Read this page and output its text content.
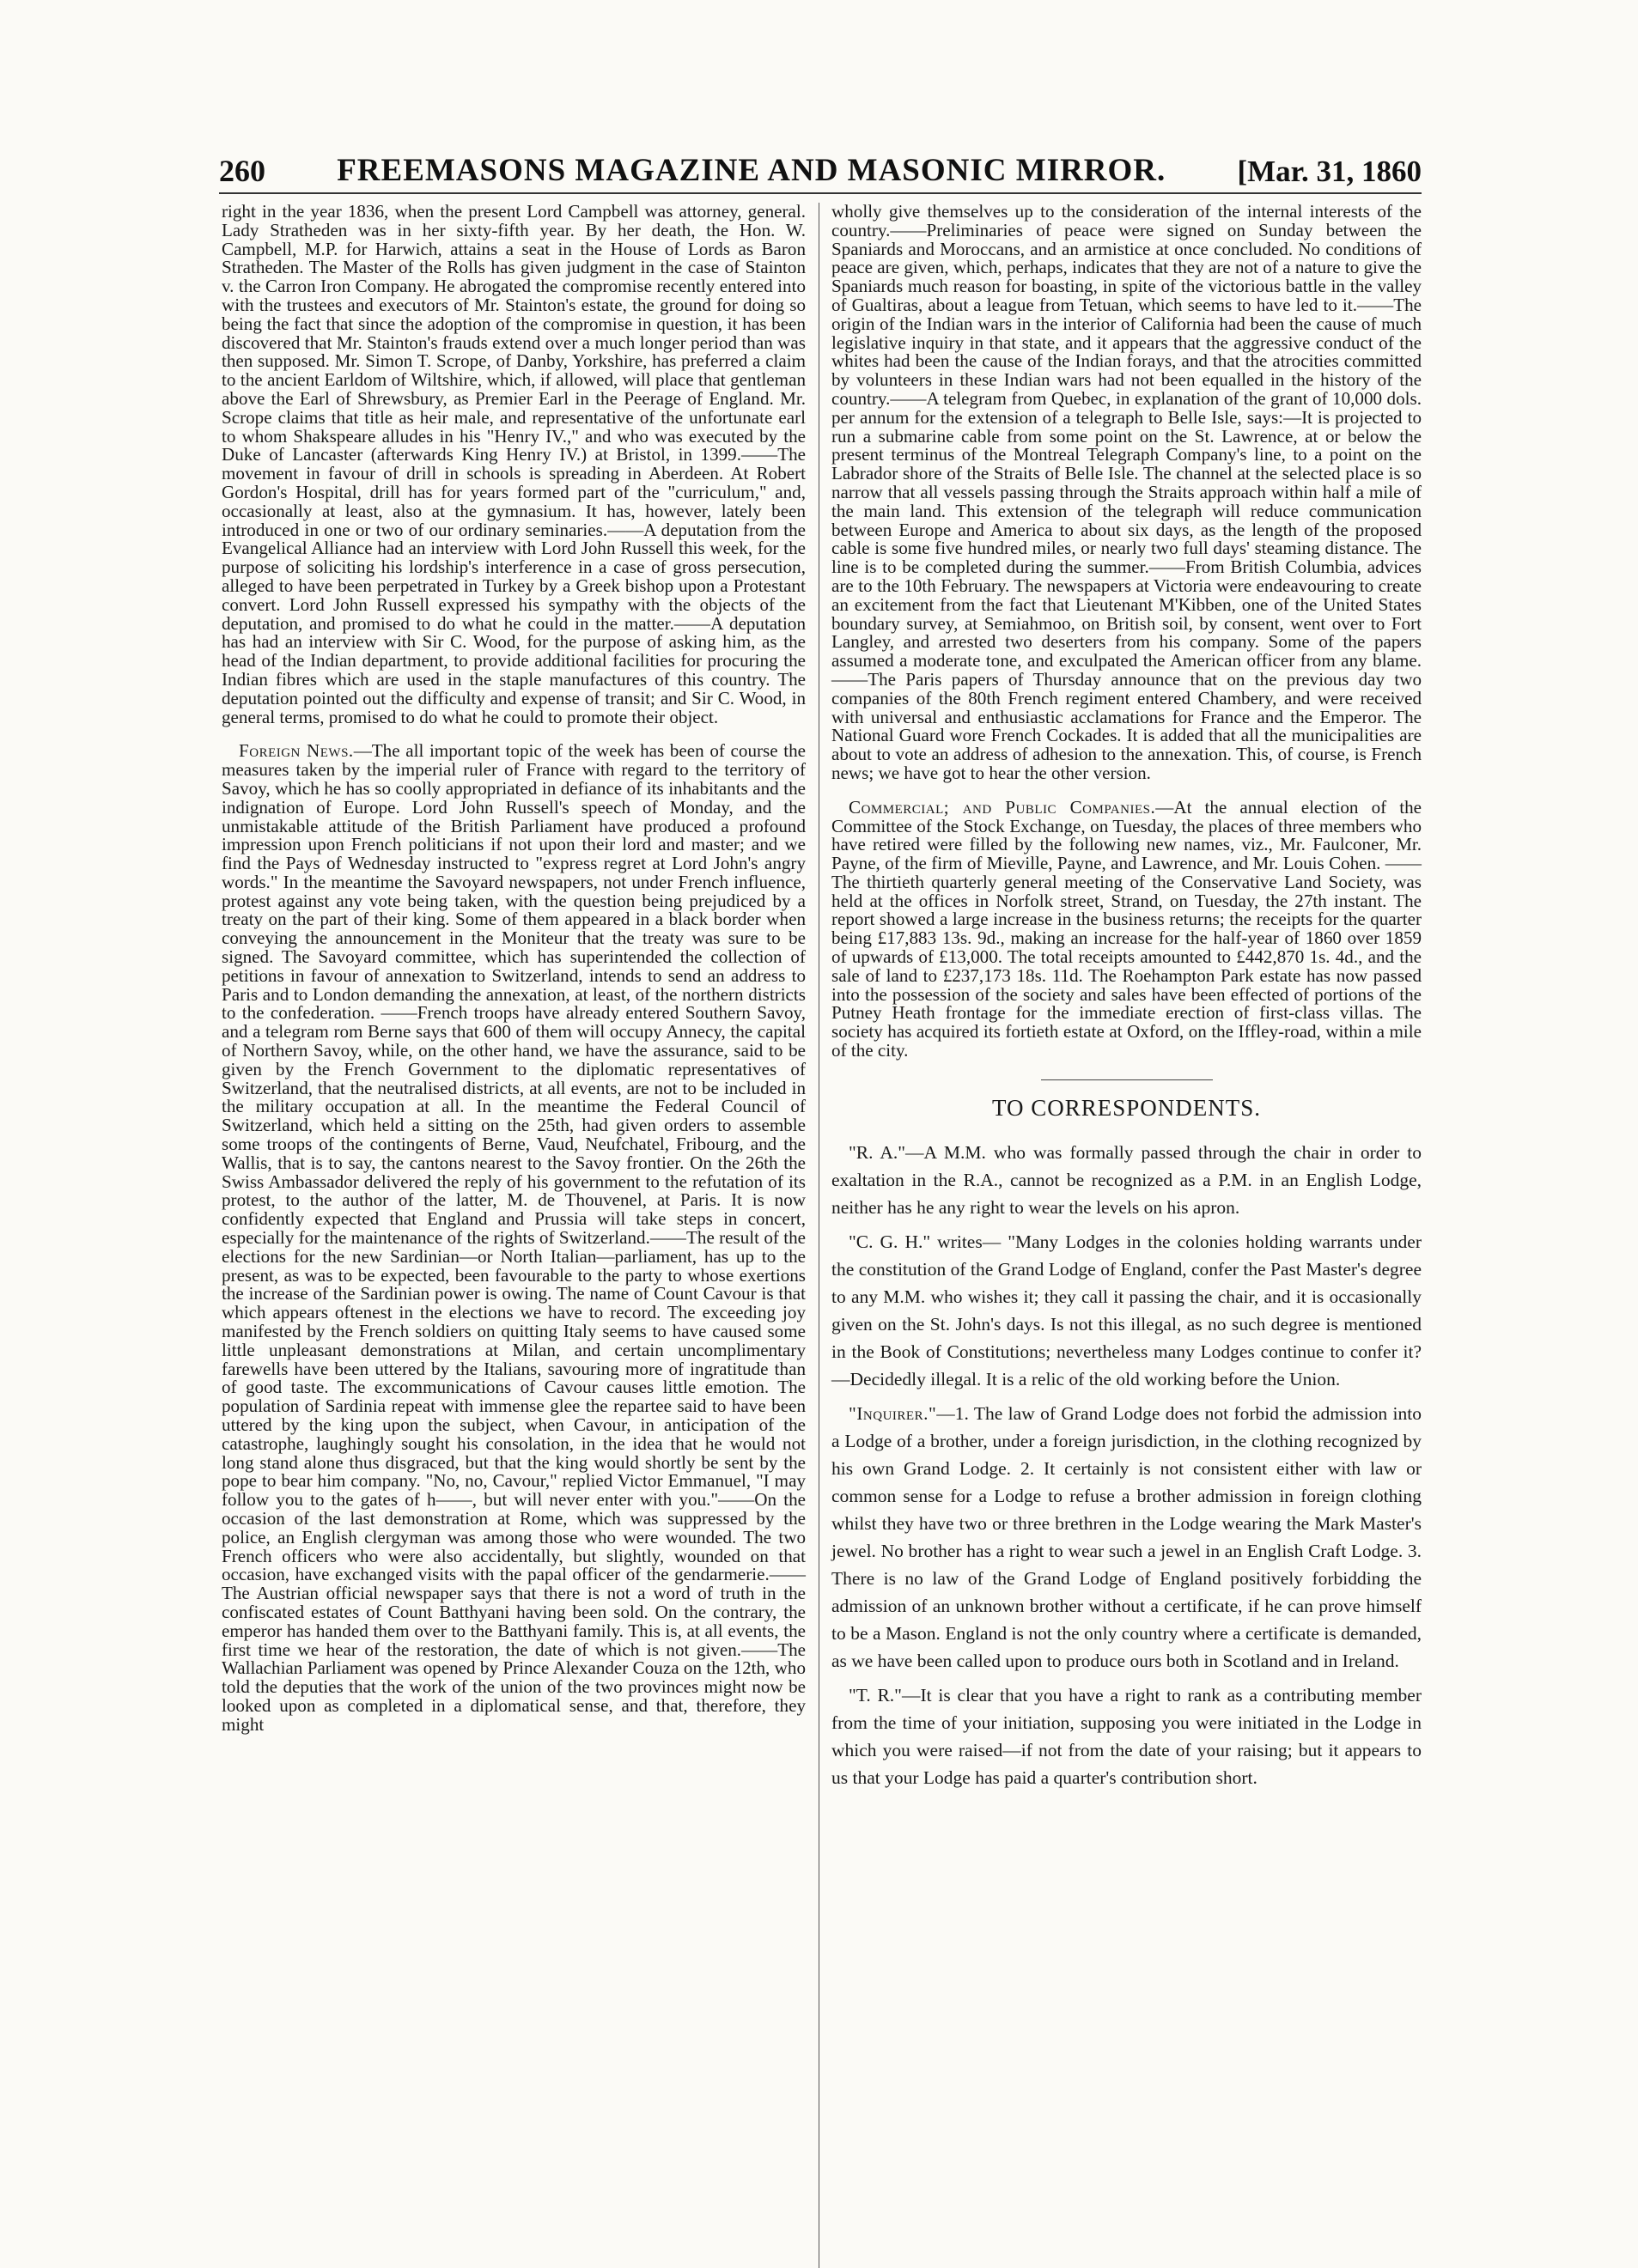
260 FREEMASONS MAGAZINE AND MASONIC MIRROR. [Mar. 31, 1860

right in the year 1836, when the present Lord Campbell was attorney, general. Lady Stratheden was in her sixty-fifth year. By her death, the Hon. W. Campbell, M.P. for Harwich, attains a seat in the House of Lords as Baron Stratheden. The Master of the Rolls has given judgment in the case of Stainton v. the Carron Iron Company. He abrogated the compromise recently entered into with the trustees and executors of Mr. Stainton's estate, the ground for doing so being the fact that since the adoption of the compromise in question, it has been discovered that Mr. Stainton's frauds extend over a much longer period than was then supposed. Mr. Simon T. Scrope, of Danby, Yorkshire, has preferred a claim to the ancient Earldom of Wiltshire, which, if allowed, will place that gentleman above the Earl of Shrewsbury, as Premier Earl in the Peerage of England. Mr. Scrope claims that title as heir male, and representative of the unfortunate earl to whom Shakspeare alludes in his "Henry IV.," and who was executed by the Duke of Lancaster (afterwards King Henry IV.) at Bristol, in 1399.——The movement in favour of drill in schools is spreading in Aberdeen. At Robert Gordon's Hospital, drill has for years formed part of the "curriculum," and, occasionally at least, also at the gymnasium. It has, however, lately been introduced in one or two of our ordinary seminaries.——A deputation from the Evangelical Alliance had an interview with Lord John Russell this week, for the purpose of soliciting his lordship's interference in a case of gross persecution, alleged to have been perpetrated in Turkey by a Greek bishop upon a Protestant convert. Lord John Russell expressed his sympathy with the objects of the deputation, and promised to do what he could in the matter.——A deputation has had an interview with Sir C. Wood, for the purpose of asking him, as the head of the Indian department, to provide additional facilities for procuring the Indian fibres which are used in the staple manufactures of this country. The deputation pointed out the difficulty and expense of transit; and Sir C. Wood, in general terms, promised to do what he could to promote their object.

Foreign News.—The all important topic of the week has been of course the measures taken by the imperial ruler of France with regard to the territory of Savoy, which he has so coolly appropriated in defiance of its inhabitants and the indignation of Europe. Lord John Russell's speech of Monday, and the unmistakable attitude of the British Parliament have produced a profound impression upon French politicians if not upon their lord and master; and we find the Pays of Wednesday instructed to "express regret at Lord John's angry words." In the meantime the Savoyard newspapers, not under French influence, protest against any vote being taken, with the question being prejudiced by a treaty on the part of their king. Some of them appeared in a black border when conveying the announcement in the Moniteur that the treaty was sure to be signed. The Savoyard committee, which has superintended the collection of petitions in favour of annexation to Switzerland, intends to send an address to Paris and to London demanding the annexation, at least, of the northern districts to the confederation. ——French troops have already entered Southern Savoy, and a telegram rom Berne says that 600 of them will occupy Annecy, the capital of Northern Savoy, while, on the other hand, we have the assurance, said to be given by the French Government to the diplomatic representatives of Switzerland, that the neutralised districts, at all events, are not to be included in the military occupation at all. In the meantime the Federal Council of Switzerland, which held a sitting on the 25th, had given orders to assemble some troops of the contingents of Berne, Vaud, Neufchatel, Fribourg, and the Wallis, that is to say, the cantons nearest to the Savoy frontier. On the 26th the Swiss Ambassador delivered the reply of his government to the refutation of its protest, to the author of the latter, M. de Thouvenel, at Paris. It is now confidently expected that England and Prussia will take steps in concert, especially for the maintenance of the rights of Switzerland.——The result of the elections for the new Sardinian—or North Italian—parliament, has up to the present, as was to be expected, been favourable to the party to whose exertions the increase of the Sardinian power is owing. The name of Count Cavour is that which appears oftenest in the elections we have to record. The exceeding joy manifested by the French soldiers on quitting Italy seems to have caused some little unpleasant demonstrations at Milan, and certain uncomplimentary farewells have been uttered by the Italians, savouring more of ingratitude than of good taste. The excommunications of Cavour causes little emotion. The population of Sardinia repeat with immense glee the repartee said to have been uttered by the king upon the subject, when Cavour, in anticipation of the catastrophe, laughingly sought his consolation, in the idea that he would not long stand alone thus disgraced, but that the king would shortly be sent by the pope to bear him company. "No, no, Cavour," replied Victor Emmanuel, "I may follow you to the gates of h——, but will never enter with you."——On the occasion of the last demonstration at Rome, which was suppressed by the police, an English clergyman was among those who were wounded. The two French officers who were also accidentally, but slightly, wounded on that occasion, have exchanged visits with the papal officer of the gendarmerie.——The Austrian official newspaper says that there is not a word of truth in the confiscated estates of Count Batthyani having been sold. On the contrary, the emperor has handed them over to the Batthyani family. This is, at all events, the first time we hear of the restoration, the date of which is not given.——The Wallachian Parliament was opened by Prince Alexander Couza on the 12th, who told the deputies that the work of the union of the two provinces might now be looked upon as completed in a diplomatical sense, and that, therefore, they might

wholly give themselves up to the consideration of the internal interests of the country.——Preliminaries of peace were signed on Sunday between the Spaniards and Moroccans, and an armistice at once concluded. No conditions of peace are given, which, perhaps, indicates that they are not of a nature to give the Spaniards much reason for boasting, in spite of the victorious battle in the valley of Gualtiras, about a league from Tetuan, which seems to have led to it.——The origin of the Indian wars in the interior of California had been the cause of much legislative inquiry in that state, and it appears that the aggressive conduct of the whites had been the cause of the Indian forays, and that the atrocities committed by volunteers in these Indian wars had not been equalled in the history of the country.——A telegram from Quebec, in explanation of the grant of 10,000 dols. per annum for the extension of a telegraph to Belle Isle, says:—It is projected to run a submarine cable from some point on the St. Lawrence, at or below the present terminus of the Montreal Telegraph Company's line, to a point on the Labrador shore of the Straits of Belle Isle. The channel at the selected place is so narrow that all vessels passing through the Straits approach within half a mile of the main land. This extension of the telegraph will reduce communication between Europe and America to about six days, as the length of the proposed cable is some five hundred miles, or nearly two full days' steaming distance. The line is to be completed during the summer.——From British Columbia, advices are to the 10th February. The newspapers at Victoria were endeavouring to create an excitement from the fact that Lieutenant M'Kibben, one of the United States boundary survey, at Semiahmoo, on British soil, by consent, went over to Fort Langley, and arrested two deserters from his company. Some of the papers assumed a moderate tone, and exculpated the American officer from any blame.——The Paris papers of Thursday announce that on the previous day two companies of the 80th French regiment entered Chambery, and were received with universal and enthusiastic acclamations for France and the Emperor. The National Guard wore French Cockades. It is added that all the municipalities are about to vote an address of adhesion to the annexation. This, of course, is French news; we have got to hear the other version.

Commercial; and Public Companies.—At the annual election of the Committee of the Stock Exchange, on Tuesday, the places of three members who have retired were filled by the following new names, viz., Mr. Faulconer, Mr. Payne, of the firm of Mieville, Payne, and Lawrence, and Mr. Louis Cohen. ——The thirtieth quarterly general meeting of the Conservative Land Society, was held at the offices in Norfolk street, Strand, on Tuesday, the 27th instant. The report showed a large increase in the business returns; the receipts for the quarter being £17,883 13s. 9d., making an increase for the half-year of 1860 over 1859 of upwards of £13,000. The total receipts amounted to £442,870 1s. 4d., and the sale of land to £237,173 18s. 11d. The Roehampton Park estate has now passed into the possession of the society and sales have been effected of portions of the Putney Heath frontage for the immediate erection of first-class villas. The society has acquired its fortieth estate at Oxford, on the Iffley-road, within a mile of the city.

TO CORRESPONDENTS.

"R. A."—A M.M. who was formally passed through the chair in order to exaltation in the R.A., cannot be recognized as a P.M. in an English Lodge, neither has he any right to wear the levels on his apron.

"C. G. H." writes— "Many Lodges in the colonies holding warrants under the constitution of the Grand Lodge of England, confer the Past Master's degree to any M.M. who wishes it; they call it passing the chair, and it is occasionally given on the St. John's days. Is not this illegal, as no such degree is mentioned in the Book of Constitutions; nevertheless many Lodges continue to confer it?—Decidedly illegal. It is a relic of the old working before the Union.

"Inquirer."—1. The law of Grand Lodge does not forbid the admission into a Lodge of a brother, under a foreign jurisdiction, in the clothing recognized by his own Grand Lodge. 2. It certainly is not consistent either with law or common sense for a Lodge to refuse a brother admission in foreign clothing whilst they have two or three brethren in the Lodge wearing the Mark Master's jewel. No brother has a right to wear such a jewel in an English Craft Lodge. 3. There is no law of the Grand Lodge of England positively forbidding the admission of an unknown brother without a certificate, if he can prove himself to be a Mason. England is not the only country where a certificate is demanded, as we have been called upon to produce ours both in Scotland and in Ireland.

"T. R."—It is clear that you have a right to rank as a contributing member from the time of your initiation, supposing you were initiated in the Lodge in which you were raised—if not from the date of your raising; but it appears to us that your Lodge has paid a quarter's contribution short.
